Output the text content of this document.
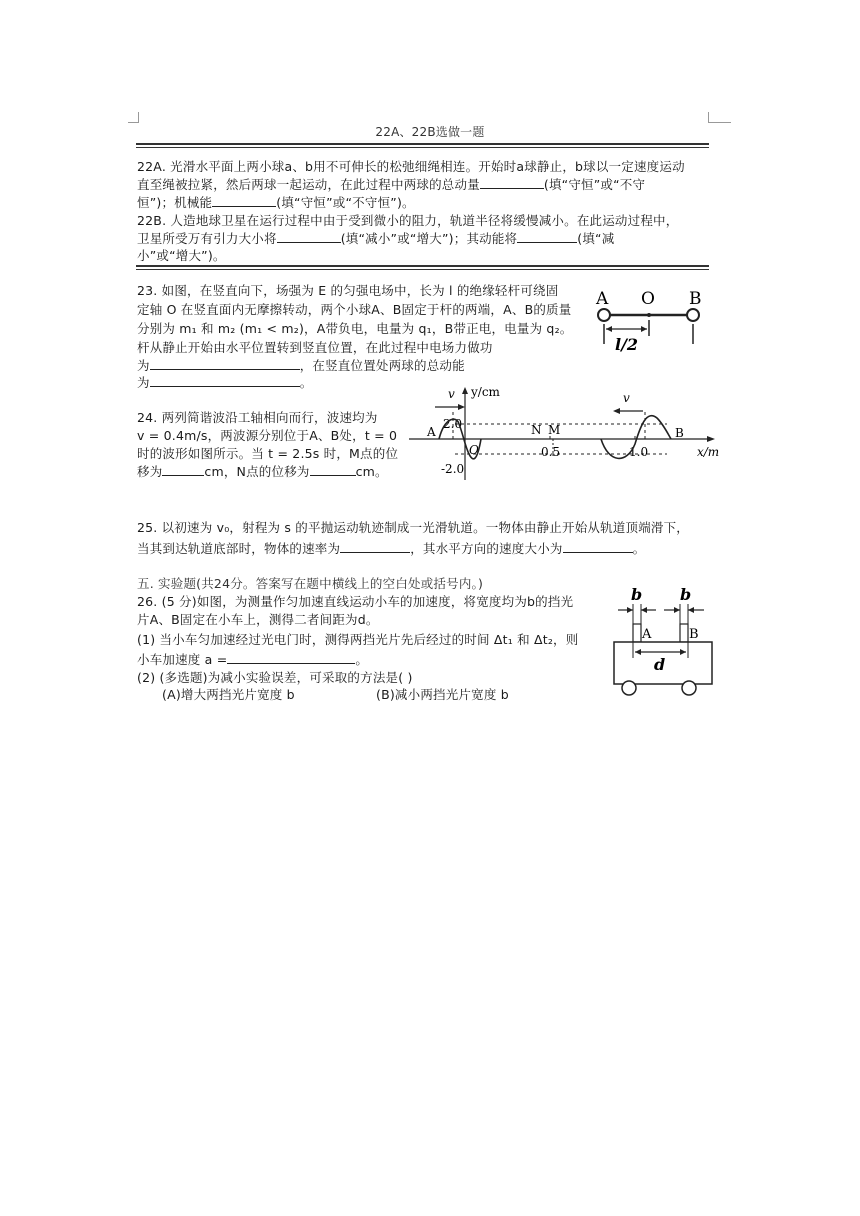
22A、22B选做一题
22A. 光滑水平面上两小球a、b用不可伸长的松弛细绳相连。开始时a球静止，b球以一定速度运动
直至绳被拉紧，然后两球一起运动，在此过程中两球的总动量	(填“守恒”或“不守
恒”)；机械能	(填“守恒”或“不守恒”)。
22B. 人造地球卫星在运行过程中由于受到微小的阻力，轨道半径将缓慢减小。在此运动过程中，
卫星所受万有引力大小将	(填“减小”或“增大”)；其动能将	(填“减
小”或“增大”)。
23. 如图，在竖直向下，场强为 E 的匀强电场中，长为 l 的绝缘轻杆可绕固
定轴 O 在竖直面内无摩擦转动，两个小球A、B固定于杆的两端，A、B的质量
分别为 m₁ 和 m₂ (m₁ < m₂)，A带负电，电量为 q₁，B带正电，电量为 q₂。
杆从静止开始由水平位置转到竖直位置，在此过程中电场力做功
为	，在竖直位置处两球的总动能
为	。
A O B
l/2
24. 两列简谐波沿工轴相向而行，波速均为
v = 0.4m/s，两波源分别位于A、B处，t = 0
时的波形如图所示。当 t = 2.5s 时，M点的位
移为	cm，N点的位移为	cm。
y/cm
x/m
0.5	1.0
2.0
-2.0
O
A	B
N M
v	v
25. 以初速为 v₀，射程为 s 的平抛运动轨迹制成一光滑轨道。一物体由静止开始从轨道顶端滑下，
当其到达轨道底部时，物体的速率为	，其水平方向的速度大小为	。
五. 实验题(共24分。答案写在题中横线上的空白处或括号内。)
26. (5 分)如图，为测量作匀加速直线运动小车的加速度，将宽度均为b的挡光
片A、B固定在小车上，测得二者间距为d。
(1) 当小车匀加速经过光电门时，测得两挡光片先后经过的时间 Δt₁ 和 Δt₂，则
小车加速度 a =	。
(2) (多选题)为减小实验误差，可采取的方法是( )
(A)增大两挡光片宽度 b	(B)减小两挡光片宽度 b
b b
A	B
d
